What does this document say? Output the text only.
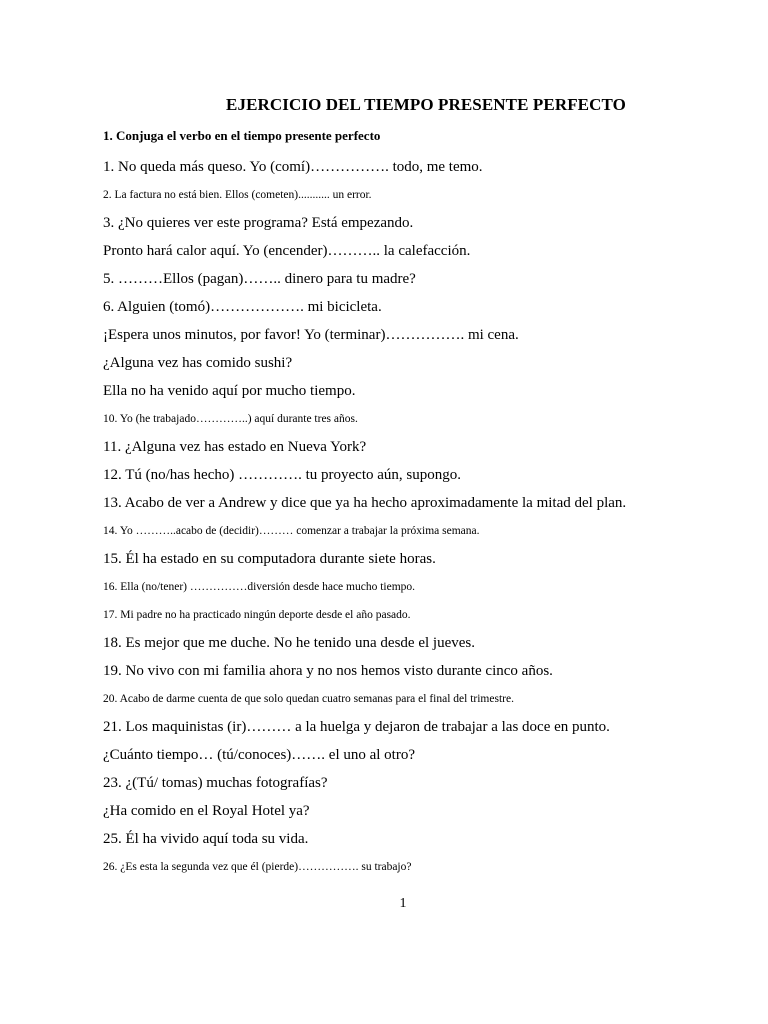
EJERCICIO DEL TIEMPO PRESENTE PERFECTO
1. Conjuga el verbo en el tiempo presente perfecto
1. No queda más queso. Yo (comí)……………. todo, me temo.
2. La factura no está bien. Ellos (cometen)........... un error.
3. ¿No quieres ver este programa? Está empezando.
Pronto hará calor aquí. Yo (encender)……….. la calefacción.
5. ………Ellos (pagan)…….. dinero para tu madre?
6. Alguien (tomó)………………. mi bicicleta.
¡Espera unos minutos, por favor! Yo (terminar)……………. mi cena.
¿Alguna vez has comido sushi?
Ella no ha venido aquí por mucho tiempo.
10. Yo (he trabajado…………..) aquí durante tres años.
11. ¿Alguna vez has estado en Nueva York?
12. Tú (no/has hecho) …………. tu proyecto aún, supongo.
13. Acabo de ver a Andrew y dice que ya ha hecho aproximadamente la mitad del plan.
14. Yo ………..acabo de (decidir)……… comenzar a trabajar la próxima semana.
15. Él ha estado en su computadora durante siete horas.
16. Ella (no/tener) ……………diversión desde hace mucho tiempo.
17. Mi padre no ha practicado ningún deporte desde el año pasado.
18. Es mejor que me duche. No he tenido una desde el jueves.
19. No vivo con mi familia ahora y no nos hemos visto durante cinco años.
20. Acabo de darme cuenta de que solo quedan cuatro semanas para el final del trimestre.
21. Los maquinistas (ir)……… a la huelga y dejaron de trabajar a las doce en punto.
¿Cuánto tiempo… (tú/conoces)……. el uno al otro?
23. ¿(Tú/ tomas) muchas fotografías?
¿Ha comido en el Royal Hotel ya?
25. Él ha vivido aquí toda su vida.
26. ¿Es esta la segunda vez que él (pierde)……………. su trabajo?
1
